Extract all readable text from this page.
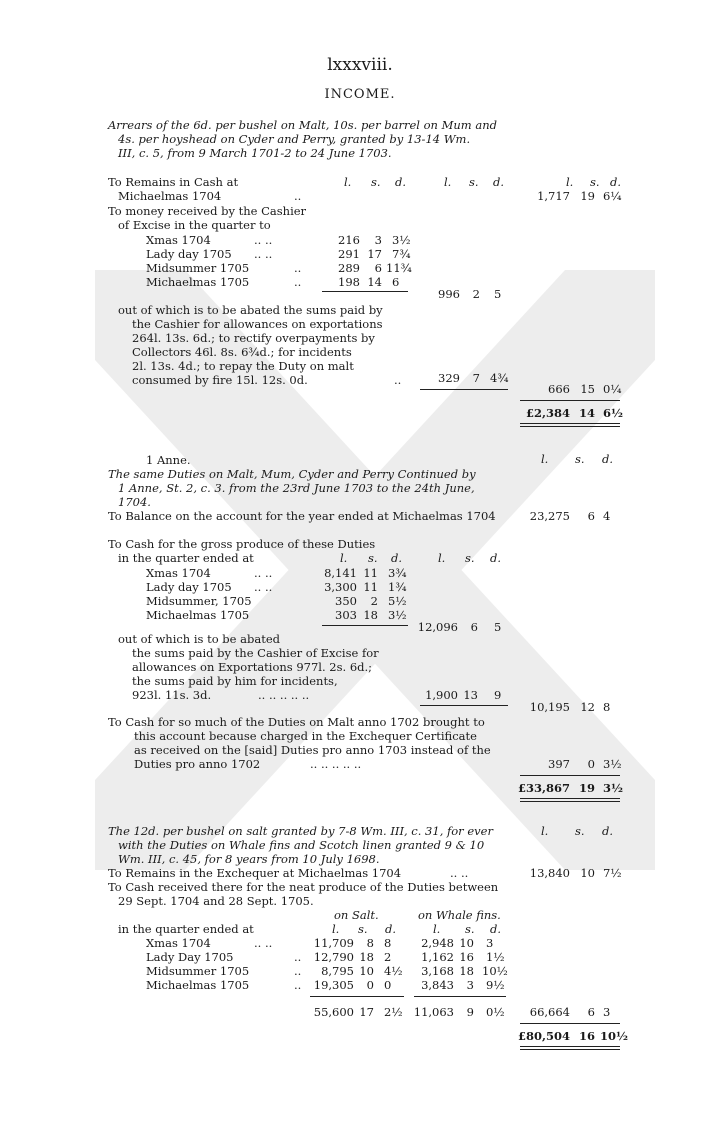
lxxxviii.
INCOME.
Arrears of the 6d. per bushel on Malt, 10s. per barrel on Mum and
4s. per hoyshead on Cyder and Perry, granted by 13-14 Wm.
III, c. 5, from 9 March 1701-2 to 24 June 1703.
To Remains in Cash at
Michaelmas 1704	..
l. s. d.	l. s. d.	l. s. d.
1,717 19 6¼
To money received by the Cashier
of Excise in the quarter to
Xmas 1704	.. ..	216	3 3½
Lady day 1705 .. ..	291 17 7¾
Midsummer 1705	..	289	6 11¾
Michaelmas 1705	..	198 14 6
996	2 5
out of which is to be abated the sums paid by
the Cashier for allowances on exportations
264l. 13s. 6d.; to rectify overpayments by
Collectors 46l. 8s. 6¾d.; for incidents
2l. 13s. 4d.; to repay the Duty on malt
consumed by fire 15l. 12s. 0d.	..	329	7 4¾
666 15 0¼
£2,384 14 6½
1 Anne.	l. s. d.
The same Duties on Malt, Mum, Cyder and Perry Continued by
1 Anne, St. 2, c. 3. from the 23rd June 1703 to the 24th June,
1704.
To Balance on the account for the year ended at Michaelmas 1704	23,275	6 4
To Cash for the gross produce of these Duties
in the quarter ended at	l. s. d.	l. s. d.
Xmas 1704	.. ..	8,141 11 3¾
Lady day 1705 .. ..	3,300 11 1¾
Midsummer, 1705	350	2 5½
Michaelmas 1705	303 18 3½
12,096	6 5
out of which is to be abated
the sums paid by the Cashier of Excise for
allowances on Exportations 977l. 2s. 6d.;
the sums paid by him for incidents,
923l. 11s. 3d.	.. .. .. .. ..	1,900 13 9
10,195 12 8
To Cash for so much of the Duties on Malt anno 1702 brought to
this account because charged in the Exchequer Certificate
as received on the [said] Duties pro anno 1703 instead of the
Duties pro anno 1702	.. .. .. .. ..	397	0 3½
£33,867 19 3½
The 12d. per bushel on salt granted by 7-8 Wm. III, c. 31, for ever
with the Duties on Whale fins and Scotch linen granted 9 & 10
Wm. III, c. 45, for 8 years from 10 July 1698.
l. s. d.
To Remains in the Exchequer at Michaelmas 1704	.. ..	13,840 10 7½
To Cash received there for the neat produce of the Duties between
29 Sept. 1704 and 28 Sept. 1705.
on Salt.	on Whale fins.
in the quarter ended at	l. s. d.	l. s. d.
Xmas 1704	.. ..	11,709	8 8	2,948 10 3
Lady Day 1705	..	12,790 18 2	1,162 16 1½
Midsummer 1705	..	8,795 10 4½	3,168 18 10½
Michaelmas 1705	..	19,305	0 0	3,843	3 9½
55,600 17 2½ 11,063	9 0½	66,664	6 3
£80,504 16 10½
